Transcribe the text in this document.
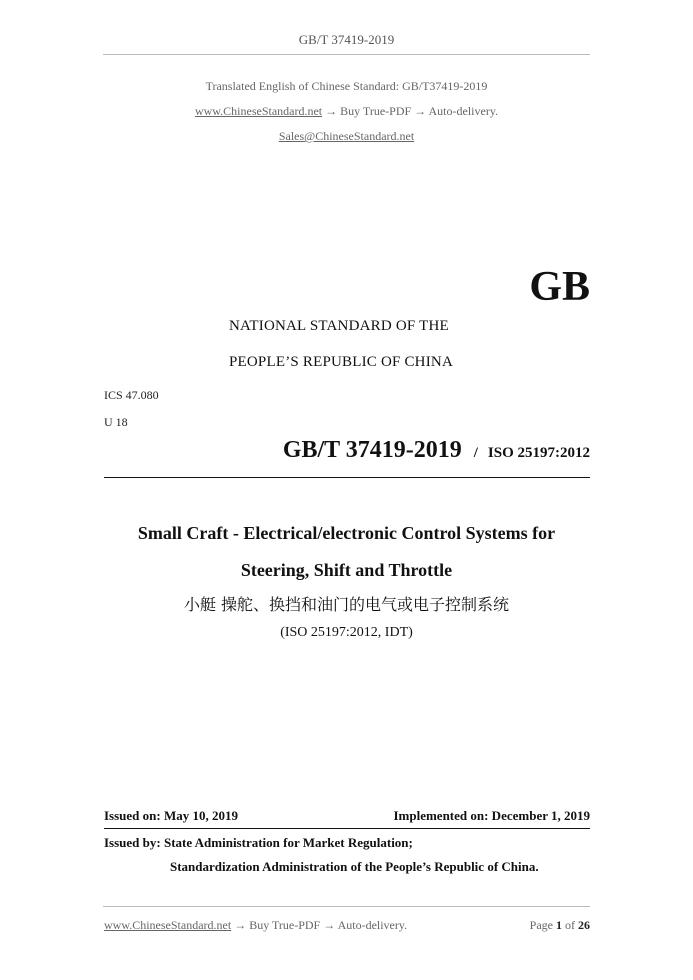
GB/T 37419-2019
Translated English of Chinese Standard: GB/T37419-2019
www.ChineseStandard.net → Buy True-PDF → Auto-delivery.
Sales@ChineseStandard.net
GB
NATIONAL STANDARD OF THE
PEOPLE’S REPUBLIC OF CHINA
ICS 47.080
U 18
GB/T 37419-2019 / ISO 25197:2012
Small Craft - Electrical/electronic Control Systems for
Steering, Shift and Throttle
小艇 操舵、换挡和油门的电气或电子控制系统
(ISO 25197:2012, IDT)
Issued on: May 10, 2019	Implemented on: December 1, 2019
Issued by: State Administration for Market Regulation;
Standardization Administration of the People’s Republic of China.
www.ChineseStandard.net → Buy True-PDF → Auto-delivery.	Page 1 of 26
